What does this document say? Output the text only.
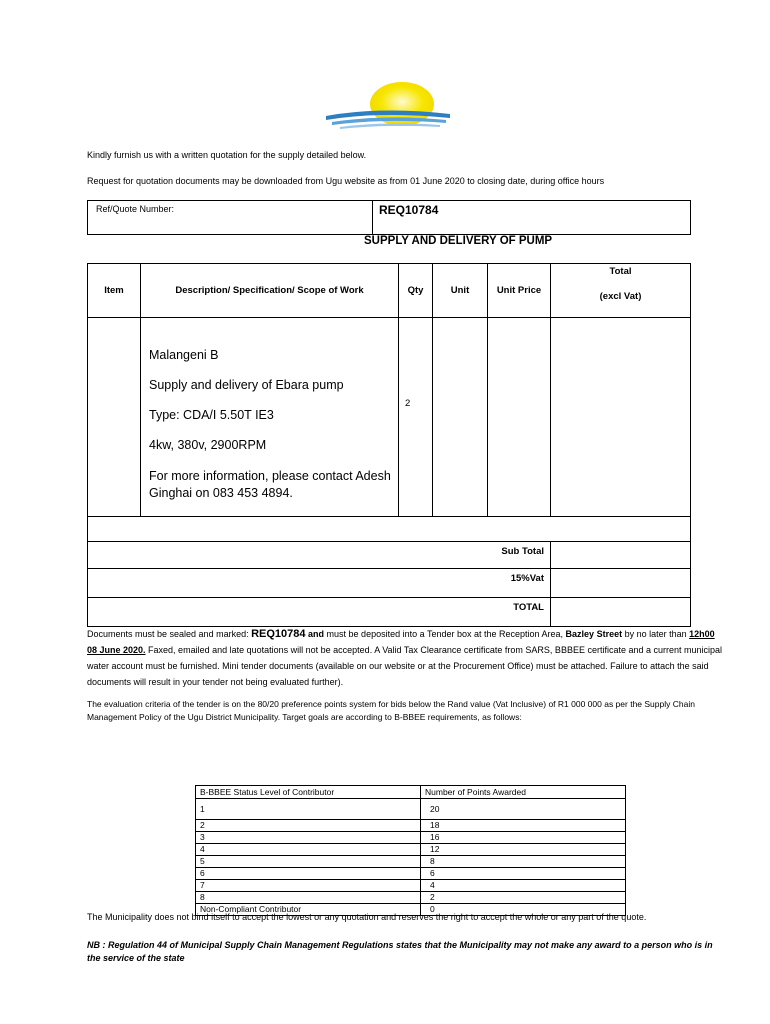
Kindly furnish us with a written quotation for the supply detailed below.
Request for quotation documents may be downloaded from Ugu website as from 01 June 2020 to closing date, during office hours
Ref/Quote Number:	REQ10784
SUPPLY AND DELIVERY OF PUMP
Item	Description/ Specification/ Scope of Work	Qty	Unit	Unit Price	Total
(excl Vat)

	Malangeni B
Supply and delivery of Ebara pump
Type: CDA/I 5.50T IE3
4kw, 380v, 2900RPM
For more information, please contact Adesh Ginghai on 083 453 4894.	2			

Sub Total					
15%Vat					
TOTAL					
Documents must be sealed and marked: REQ10784 and must be deposited into a Tender box at the Reception Area, Bazley Street by no later than 12h00 08 June 2020. Faxed, emailed and late quotations will not be accepted. A Valid Tax Clearance certificate from SARS, BBBEE certificate and a current municipal water account must be furnished. Mini tender documents (available on our website or at the Procurement Office) must be attached. Failure to attach the said documents will result in your tender not being evaluated further).
The evaluation criteria of the tender is on the 80/20 preference points system for bids below the Rand value (Vat Inclusive) of R1 000 000 as per the Supply Chain Management Policy of the Ugu District Municipality. Target goals are according to B-BBEE requirements, as follows:
B-BBEE Status Level of Contributor	Number of Points Awarded
1	20
2	18
3	16
4	12
5	8
6	6
7	4
8	2
Non-Compliant Contributor	0
The Municipality does not bind itself to accept the lowest or any quotation and reserves the right to accept the whole or any part of the quote.
NB : Regulation 44 of Municipal Supply Chain Management Regulations states that the Municipality may not make any award to a person who is in the service of the state
